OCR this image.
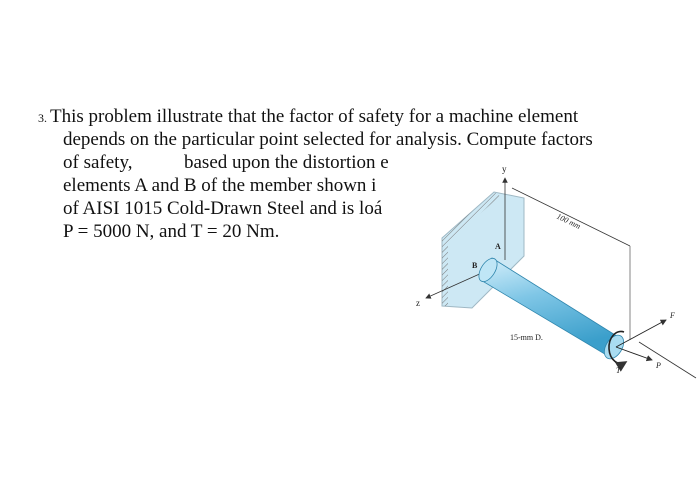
3. This problem illustrate that the factor of safety for a machine element
depends on the particular point selected for analysis. Compute factors
of safety,	based upon the distortion e
elements A and B of the member shown i
of AISI 1015 Cold-Drawn Steel and is loá
P = 5000 N, and T = 20 Nm.
y
z
100 mm
A
B
15-mm D.
T
F
P
